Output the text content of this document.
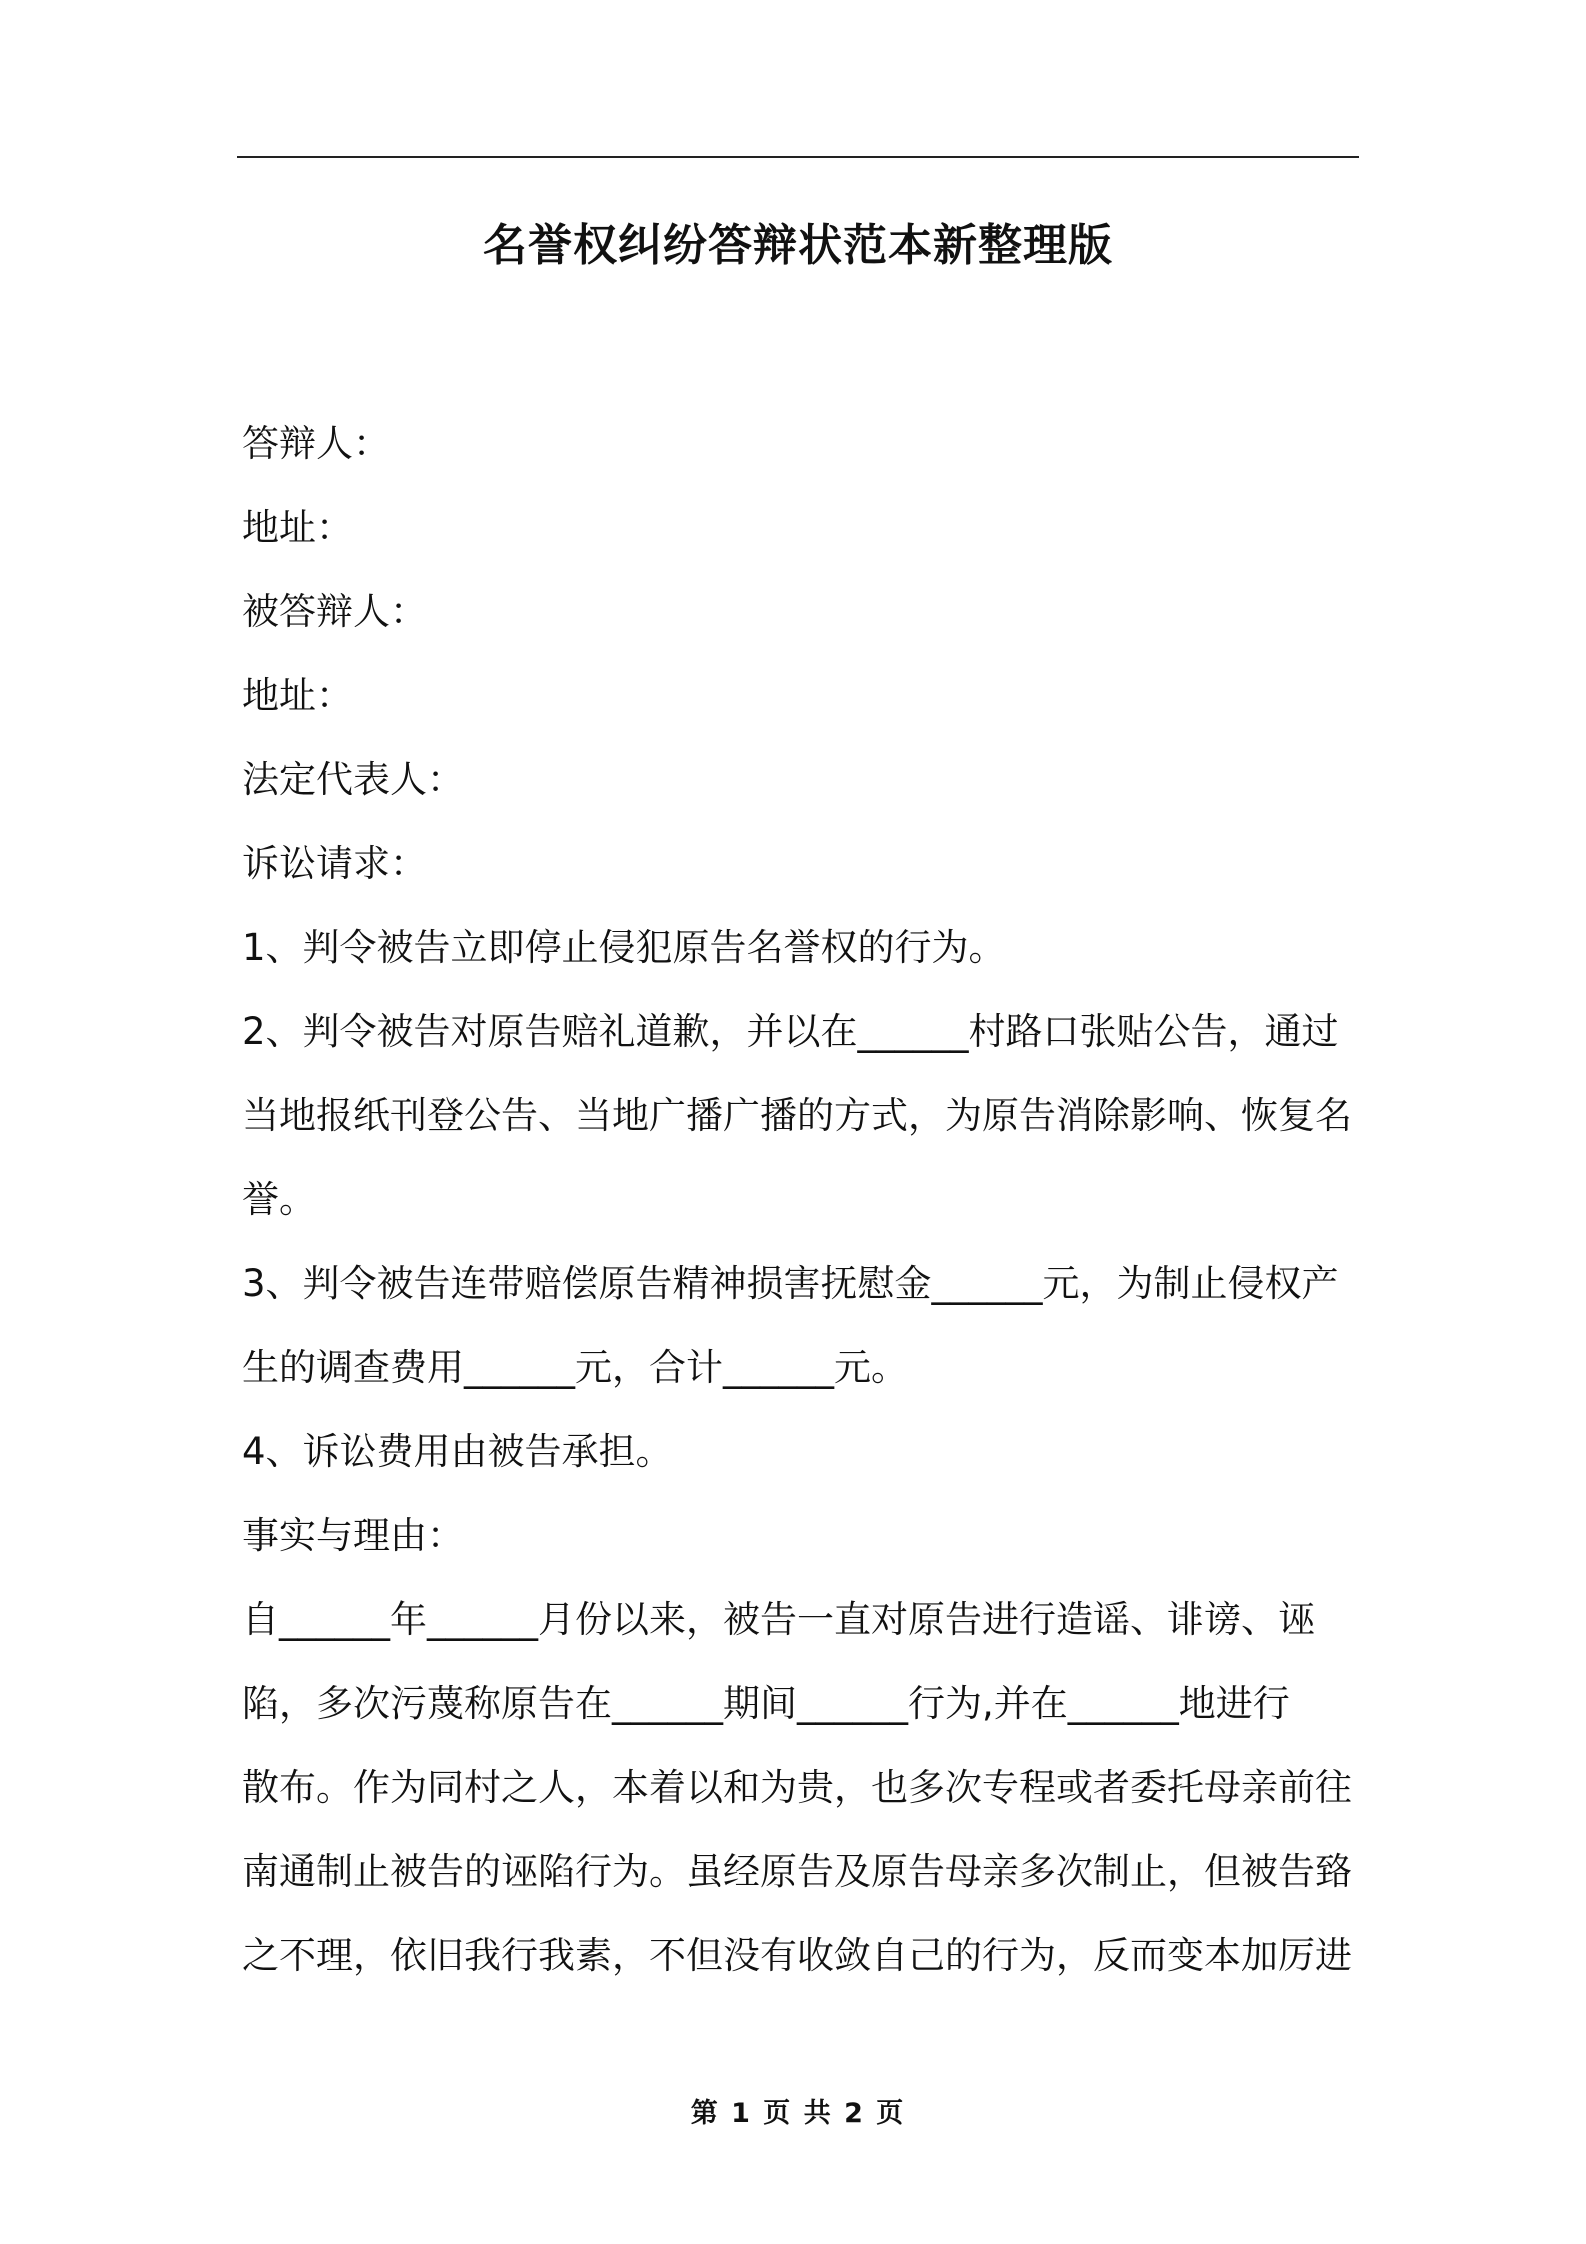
名誉权纠纷答辩状范本新整理版
答辩人：
地址：
被答辩人：
地址：
法定代表人：
诉讼请求：
1、判令被告立即停止侵犯原告名誉权的行为。
2、判令被告对原告赔礼道歉，并以在______村路口张贴公告，通过
当地报纸刊登公告、当地广播广播的方式，为原告消除影响、恢复名
誉。
3、判令被告连带赔偿原告精神损害抚慰金______元，为制止侵权产
生的调查费用______元，合计______元。
4、诉讼费用由被告承担。
事实与理由：
自______年______月份以来，被告一直对原告进行造谣、诽谤、诬
陷，多次污蔑称原告在______期间______行为,并在______地进行
散布。作为同村之人，本着以和为贵，也多次专程或者委托母亲前往
南通制止被告的诬陷行为。虽经原告及原告母亲多次制止，但被告臵
之不理，依旧我行我素，不但没有收敛自己的行为，反而变本加厉进
第 1 页 共 2 页
